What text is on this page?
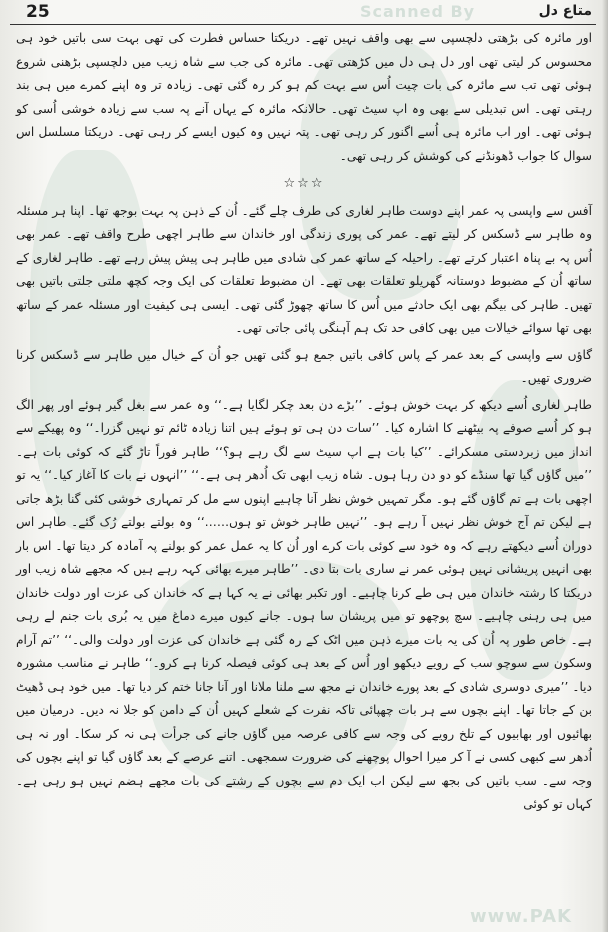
Scanned By
www.PAK
25	متاع دل

اور مائرہ کی بڑھتی دلچسپی سے بھی واقف نہیں تھے۔ دریکتا حساس فطرت کی تھی بہت سی باتیں خود ہی محسوس کر لیتی تھی اور دل ہی دل میں کڑھتی تھی۔ مائرہ کی جب سے شاہ زیب میں دلچسپی بڑھنی شروع ہوئی تھی تب سے مائرہ کی بات چیت اُس سے بہت کم ہو کر رہ گئی تھی۔ زیادہ تر وہ اپنے کمرے میں ہی بند رہتی تھی۔ اس تبدیلی سے بھی وہ اپ سیٹ تھی۔ حالانکہ مائرہ کے یہاں آنے پہ سب سے زیادہ خوشی اُسی کو ہوئی تھی۔ اور اب مائرہ ہی اُسے اگنور کر رہی تھی۔ پتہ نہیں وہ کیوں ایسے کر رہی تھی۔ دریکتا مسلسل اس سوال کا جواب ڈھونڈنے کی کوشش کر رہی تھی۔

☆☆☆

آفس سے واپسی پہ عمر اپنے دوست طاہر لغاری کی طرف چلے گئے۔ اُن کے ذہن پہ بہت بوجھ تھا۔ اپنا ہر مسئلہ وہ طاہر سے ڈسکس کر لیتے تھے۔ عمر کی پوری زندگی اور خاندان سے طاہر اچھی طرح واقف تھے۔ عمر بھی اُس پہ بے پناہ اعتبار کرتے تھے۔ راحیلہ کے ساتھ عمر کی شادی میں طاہر ہی پیش پیش رہے تھے۔ طاہر لغاری کے ساتھ اُن کے مضبوط دوستانہ گھریلو تعلقات بھی تھے۔ ان مضبوط تعلقات کی ایک وجہ کچھ ملتی جلتی باتیں بھی تھیں۔ طاہر کی بیگم بھی ایک حادثے میں اُس کا ساتھ چھوڑ گئی تھی۔ ایسی ہی کیفیت اور مسئلہ عمر کے ساتھ بھی تھا سوائے خیالات میں بھی کافی حد تک ہم آہنگی پائی جاتی تھی۔

گاؤں سے واپسی کے بعد عمر کے پاس کافی باتیں جمع ہو گئی تھیں جو اُن کے خیال میں طاہر سے ڈسکس کرنا ضروری تھیں۔

طاہر لغاری اُسے دیکھ کر بہت خوش ہوئے۔ ’’بڑے دن بعد چکر لگایا ہے۔‘‘ وہ عمر سے بغل گیر ہوئے اور پھر الگ ہو کر اُسے صوفے پہ بیٹھنے کا اشارہ کیا۔ ’’سات دن ہی تو ہوئے ہیں اتنا زیادہ ٹائم تو نہیں گزرا۔‘‘ وہ پھیکے سے انداز میں زبردستی مسکرائے۔ ’’کیا بات ہے اپ سیٹ سے لگ رہے ہو؟‘‘ طاہر فوراً تاڑ گئے کہ کوئی بات ہے۔ ’’میں گاؤں گیا تھا سنڈے کو دو دن رہا ہوں۔ شاہ زیب ابھی تک اُدھر ہی ہے۔‘‘ ’’انہوں نے بات کا آغاز کیا۔‘‘ یہ تو اچھی بات ہے تم گاؤں گئے ہو۔ مگر تمہیں خوش نظر آنا چاہیے اپنوں سے مل کر تمہاری خوشی کئی گنا بڑھ جاتی ہے لیکن تم آج خوش نظر نہیں آ رہے ہو۔ ’’نہیں طاہر خوش تو ہوں……‘‘ وہ بولتے بولتے رُک گئے۔ طاہر اس دوران اُسے دیکھتے رہے کہ وہ خود سے کوئی بات کرے اور اُن کا یہ عمل عمر کو بولنے پہ آمادہ کر دیتا تھا۔ اس بار بھی انہیں پریشانی نہیں ہوئی عمر نے ساری بات بتا دی۔ ’’طاہر میرے بھائی کہہ رہے ہیں کہ مجھے شاہ زیب اور دریکتا کا رشتہ خاندان میں ہی طے کرنا چاہیے۔ اور تکبر بھائی نے یہ کہا ہے کہ خاندان کی عزت اور دولت خاندان میں ہی رہنی چاہیے۔ سچ پوچھو تو میں پریشان سا ہوں۔ جانے کیوں میرے دماغ میں یہ بُری بات جنم لے رہی ہے۔ خاص طور پہ اُن کی یہ بات میرے ذہن میں اٹک کے رہ گئی ہے خاندان کی عزت اور دولت والی۔‘‘ ’’تم آرام وسکون سے سوچو سب کے رویے دیکھو اور اُس کے بعد ہی کوئی فیصلہ کرنا ہے کرو۔‘‘ طاہر نے مناسب مشورہ دیا۔ ’’میری دوسری شادی کے بعد پورے خاندان نے مجھ سے ملنا ملانا اور آنا جانا ختم کر دیا تھا۔ میں خود ہی ڈھیٹ بن کے جاتا تھا۔ اپنے بچوں سے ہر بات چھپائی تاکہ نفرت کے شعلے کہیں اُن کے دامن کو جلا نہ دیں۔ درمیان میں بھائیوں اور بھابیوں کے تلخ رویے کی وجہ سے کافی عرصہ میں گاؤں جانے کی جرأت ہی نہ کر سکا۔ اور نہ ہی اُدھر سے کبھی کسی نے آ کر میرا احوال پوچھنے کی ضرورت سمجھی۔ اتنے عرصے کے بعد گاؤں گیا تو اپنے بچوں کی وجہ سے۔ سب باتیں کی بجھ سے لیکن اب ایک دم سے بچوں کے رشتے کی بات مجھے ہضم نہیں ہو رہی ہے۔ کہاں تو کوئی
